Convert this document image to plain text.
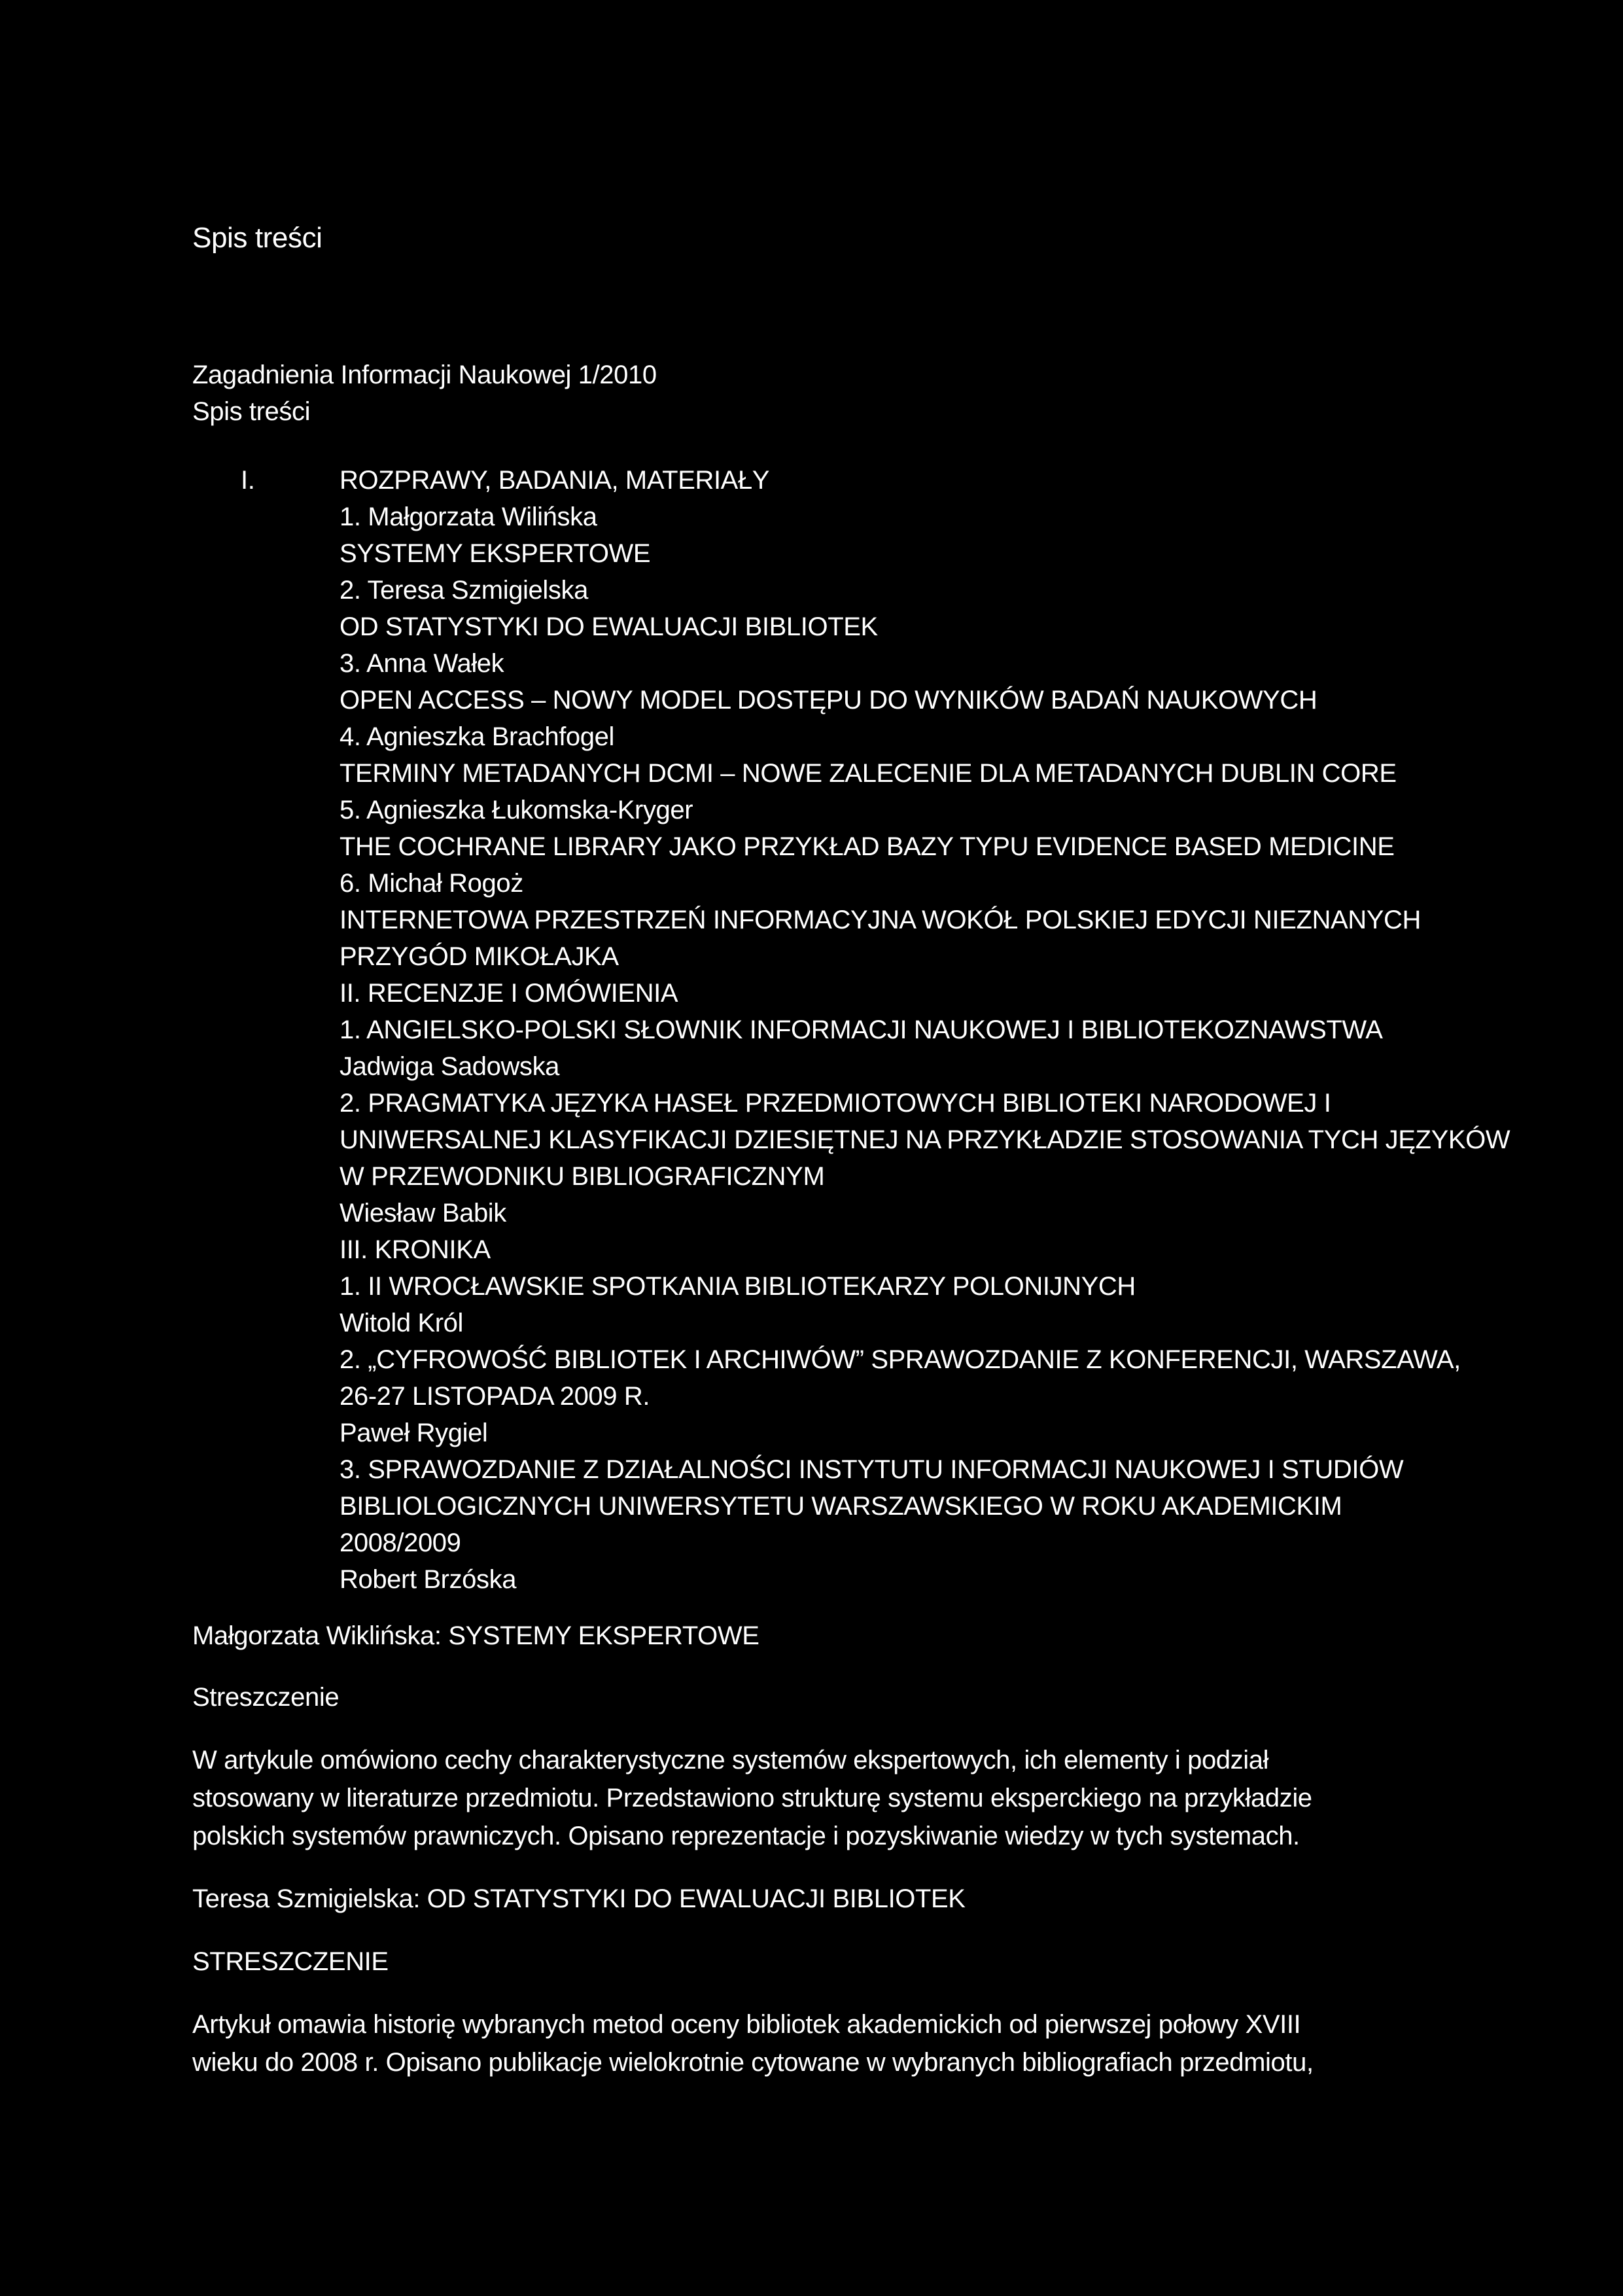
Spis treści

Zagadnienia Informacji Naukowej 1/2010

Spis treści

I.	ROZPRAWY, BADANIA, MATERIAŁY

1. Małgorzata Wilińska

SYSTEMY EKSPERTOWE

2. Teresa Szmigielska

OD STATYSTYKI DO EWALUACJI BIBLIOTEK

3. Anna Wałek

OPEN ACCESS – NOWY MODEL DOSTĘPU DO WYNIKÓW BADAŃ NAUKOWYCH

4. Agnieszka Brachfogel

TERMINY METADANYCH DCMI – NOWE ZALECENIE DLA METADANYCH DUBLIN CORE

5. Agnieszka Łukomska-Kryger

THE COCHRANE LIBRARY JAKO PRZYKŁAD BAZY TYPU EVIDENCE BASED MEDICINE

6. Michał Rogoż

INTERNETOWA PRZESTRZEŃ INFORMACYJNA WOKÓŁ POLSKIEJ EDYCJI NIEZNANYCH

PRZYGÓD MIKOŁAJKA

II. RECENZJE I OMÓWIENIA

1. ANGIELSKO-POLSKI SŁOWNIK INFORMACJI NAUKOWEJ I BIBLIOTEKOZNAWSTWA

Jadwiga Sadowska

2. PRAGMATYKA JĘZYKA HASEŁ PRZEDMIOTOWYCH BIBLIOTEKI NARODOWEJ I

UNIWERSALNEJ KLASYFIKACJI DZIESIĘTNEJ NA PRZYKŁADZIE STOSOWANIA TYCH JĘZYKÓW

W PRZEWODNIKU BIBLIOGRAFICZNYM

Wiesław Babik

III. KRONIKA

1. II WROCŁAWSKIE SPOTKANIA BIBLIOTEKARZY POLONIJNYCH

Witold Król

2. „CYFROWOŚĆ BIBLIOTEK I ARCHIWÓW” SPRAWOZDANIE Z KONFERENCJI, WARSZAWA,

26-27 LISTOPADA 2009 R.

Paweł Rygiel

3. SPRAWOZDANIE Z DZIAŁALNOŚCI INSTYTUTU INFORMACJI NAUKOWEJ I STUDIÓW

BIBLIOLOGICZNYCH UNIWERSYTETU WARSZAWSKIEGO W ROKU AKADEMICKIM

2008/2009

Robert Brzóska

Małgorzata Wiklińska: SYSTEMY EKSPERTOWE

Streszczenie

W artykule omówiono cechy charakterystyczne systemów ekspertowych, ich elementy i podział

stosowany w literaturze przedmiotu. Przedstawiono strukturę systemu eksperckiego na przykładzie

polskich systemów prawniczych. Opisano reprezentacje i pozyskiwanie wiedzy w tych systemach.

Teresa Szmigielska: OD STATYSTYKI DO EWALUACJI BIBLIOTEK

STRESZCZENIE

Artykuł omawia historię wybranych metod oceny bibliotek akademickich od pierwszej połowy XVIII

wieku do 2008 r. Opisano publikacje wielokrotnie cytowane w wybranych bibliografiach przedmiotu,
